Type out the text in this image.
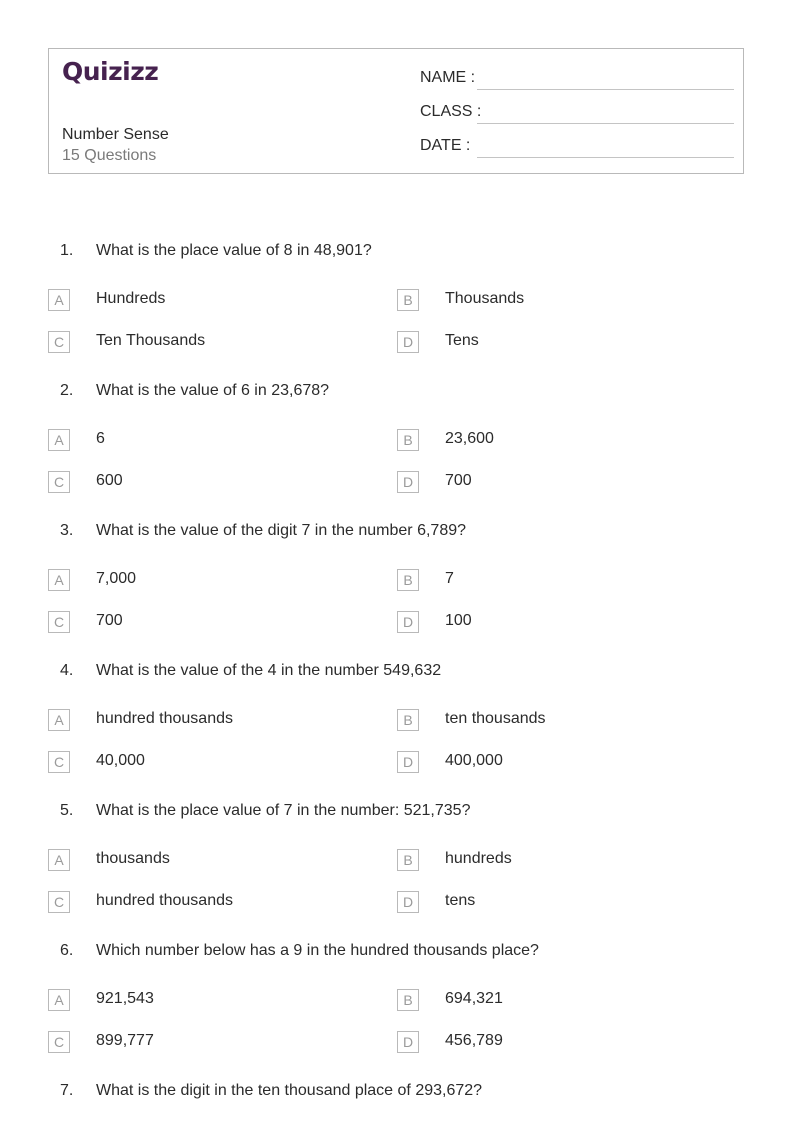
Quizizz
Number Sense
15 Questions
NAME :
CLASS :
DATE :
1. What is the place value of 8 in 48,901?
A	Hundreds	B	Thousands
C	Ten Thousands	D	Tens
2. What is the value of 6 in 23,678?
A	6	B	23,600
C	600	D	700
3. What is the value of the digit 7 in the number 6,789?
A	7,000	B	7
C	700	D	100
4. What is the value of the 4 in the number 549,632
A	hundred thousands	B	ten thousands
C	40,000	D	400,000
5. What is the place value of 7 in the number: 521,735?
A	thousands	B	hundreds
C	hundred thousands	D	tens
6. Which number below has a 9 in the hundred thousands place?
A	921,543	B	694,321
C	899,777	D	456,789
7. What is the digit in the ten thousand place of 293,672?
